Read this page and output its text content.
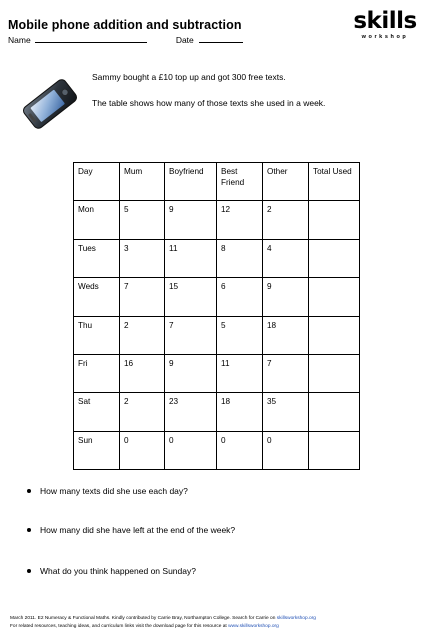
Mobile phone addition and subtraction
Name	Date
skills
workshop
Sammy bought a £10 top up and got 300 free texts.
The table shows how many of those texts she used in a week.
Day	Mum	Boyfriend	Best Friend	Other	Total Used
Mon	5	9	12	2	
Tues	3	11	8	4	
Weds	7	15	6	9	
Thu	2	7	5	18	
Fri	16	9	11	7	
Sat	2	23	18	35	
Sun	0	0	0	0	
How many texts did she use each day?
How many did she have left at the end of the week?
What do you think happened on Sunday?
March 2011. E2 Numeracy & Functional Maths. Kindly contributed by Carrie Bray, Northampton College. Search for Carrie on skillsworkshop.org
For related resources, teaching ideas, and curriculum links visit the download page for this resource at www.skillsworkshop.org
